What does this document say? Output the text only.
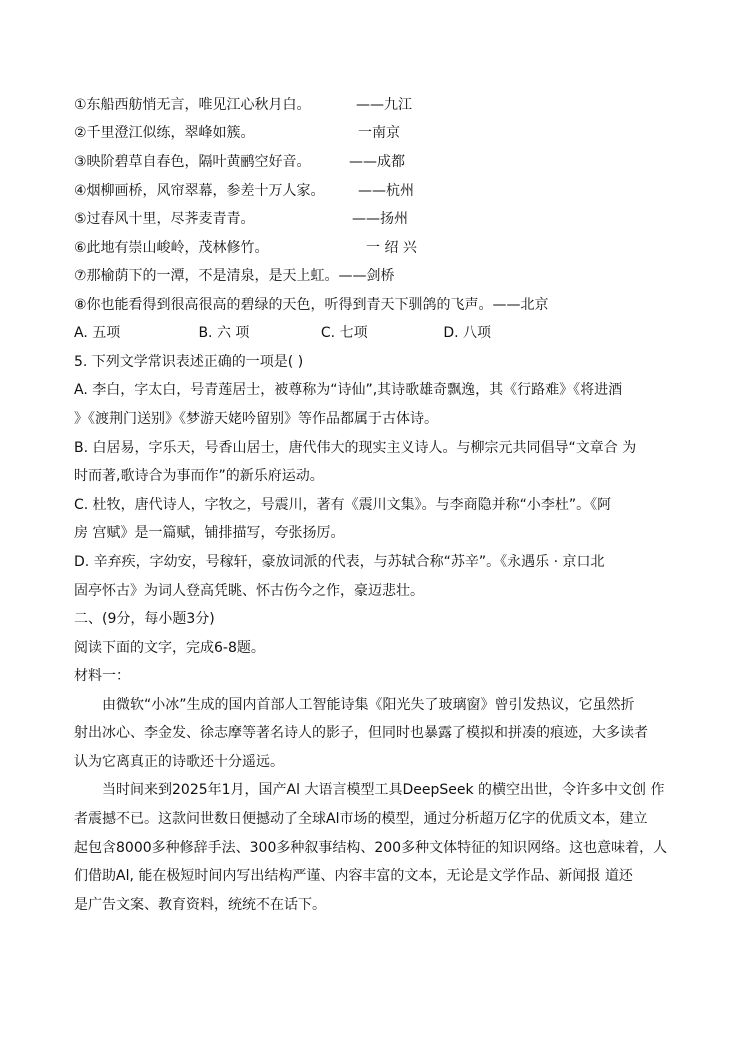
①东船西舫悄无言，唯见江心秋月白。	——九江
②千里澄江似练，翠峰如簇。	一南京
③映阶碧草自春色，隔叶黄鹂空好音。	——成都
④烟柳画桥，风帘翠幕，参差十万人家。 ——杭州
⑤过春风十里，尽荠麦青青。	——扬州
⑥此地有崇山峻岭，茂林修竹。	一 绍 兴
⑦那榆荫下的一潭，不是清泉，是天上虹。——剑桥
⑧你也能看得到很高很高的碧绿的天色，听得到青天下驯鸽的飞声。——北京
A. 五项	B. 六 项	C. 七项	D. 八项
5. 下列文学常识表述正确的一项是( )
A. 李白，字太白，号青莲居士，被尊称为“诗仙”,其诗歌雄奇飘逸，其《行路难》《将进酒
》《渡荆门送别》《梦游天姥吟留别》等作品都属于古体诗。
B. 白居易，字乐天，号香山居士，唐代伟大的现实主义诗人。与柳宗元共同倡导“文章合 为
时而著,歌诗合为事而作”的新乐府运动。
C. 杜牧，唐代诗人，字牧之，号震川，著有《震川文集》。与李商隐并称“小李杜”。《阿
房 宫赋》是一篇赋，铺排描写，夸张扬厉。
D. 辛弃疾，字幼安，号稼轩，豪放词派的代表，与苏轼合称“苏辛”。《永遇乐 · 京口北
固亭怀古》为词人登高凭眺、怀古伤今之作，豪迈悲壮。
二、(9分，每小题3分)
阅读下面的文字，完成6-8题。
材料一：
由微软“小冰”生成的国内首部人工智能诗集《阳光失了玻璃窗》曾引发热议，它虽然折
射出冰心、李金发、徐志摩等著名诗人的影子，但同时也暴露了模拟和拼凑的痕迹，大多读者
认为它离真正的诗歌还十分遥远。
当时间来到2025年1月，国产Al 大语言模型工具DeepSeek 的横空出世，令许多中文创 作
者震撼不已。这款问世数日便撼动了全球Al市场的模型，通过分析超万亿字的优质文本，建立
起包含8000多种修辞手法、300多种叙事结构、200多种文体特征的知识网络。这也意味着，人
们借助Al, 能在极短时间内写出结构严谨、内容丰富的文本，无论是文学作品、新闻报 道还
是广告文案、教育资料，统统不在话下。
